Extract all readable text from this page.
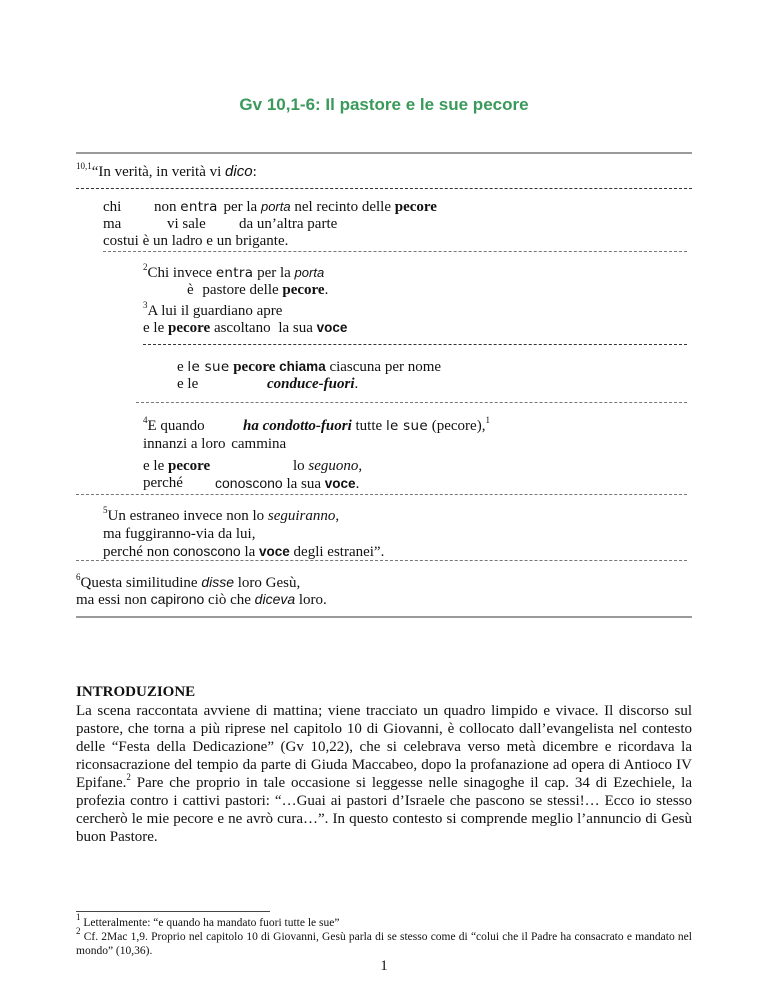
Gv 10,1-6: Il pastore e le sue pecore
$^{10,1}$“In verità, in verità vi dico:
chi non entra per la porta nel recinto delle pecore
ma	vi sale da un’altra parte
costui è un ladro e un brigante.
$^2$Chi invece entra per la porta
è pastore delle pecore.
$^3$A lui il guardiano apre
e le pecore ascoltano la sua voce
e le sue pecore chiama ciascuna per nome
e le	conduce-fuori.
$^4$E quando	ha condotto-fuori tutte le sue (pecore),$^1$
innanzi a loro cammina
e le pecore	lo seguono,
perché conoscono la sua voce.
$^5$Un estraneo invece non lo seguiranno,
ma fuggiranno-via da lui,
perché non conoscono la voce degli estranei”.
$^6$Questa similitudine disse loro Gesù,
ma essi non capirono ciò che diceva loro.
INTRODUZIONE
La scena raccontata avviene di mattina; viene tracciato un quadro limpido e vivace. Il discorso sul pastore, che torna a più riprese nel capitolo 10 di Giovanni, è collocato dall’evangelista nel contesto delle “Festa della Dedicazione” (Gv 10,22), che si celebrava verso metà dicembre e ricordava la riconsacrazione del tempio da parte di Giuda Maccabeo, dopo la profanazione ad opera di Antioco IV Epifane.$^2$ Pare che proprio in tale occasione si leggesse nelle sinagoghe il cap. 34 di Ezechiele, la profezia contro i cattivi pastori: “…Guai ai pastori d’Israele che pascono se stessi!… Ecco io stesso cercherò le mie pecore e ne avrò cura…”. In questo contesto si comprende meglio l’annuncio di Gesù buon Pastore.
$^1$ Letteralmente: “e quando ha mandato fuori tutte le sue”
$^2$ Cf. 2Mac 1,9. Proprio nel capitolo 10 di Giovanni, Gesù parla di se stesso come di “colui che il Padre ha consacrato e mandato nel mondo” (10,36).
1
